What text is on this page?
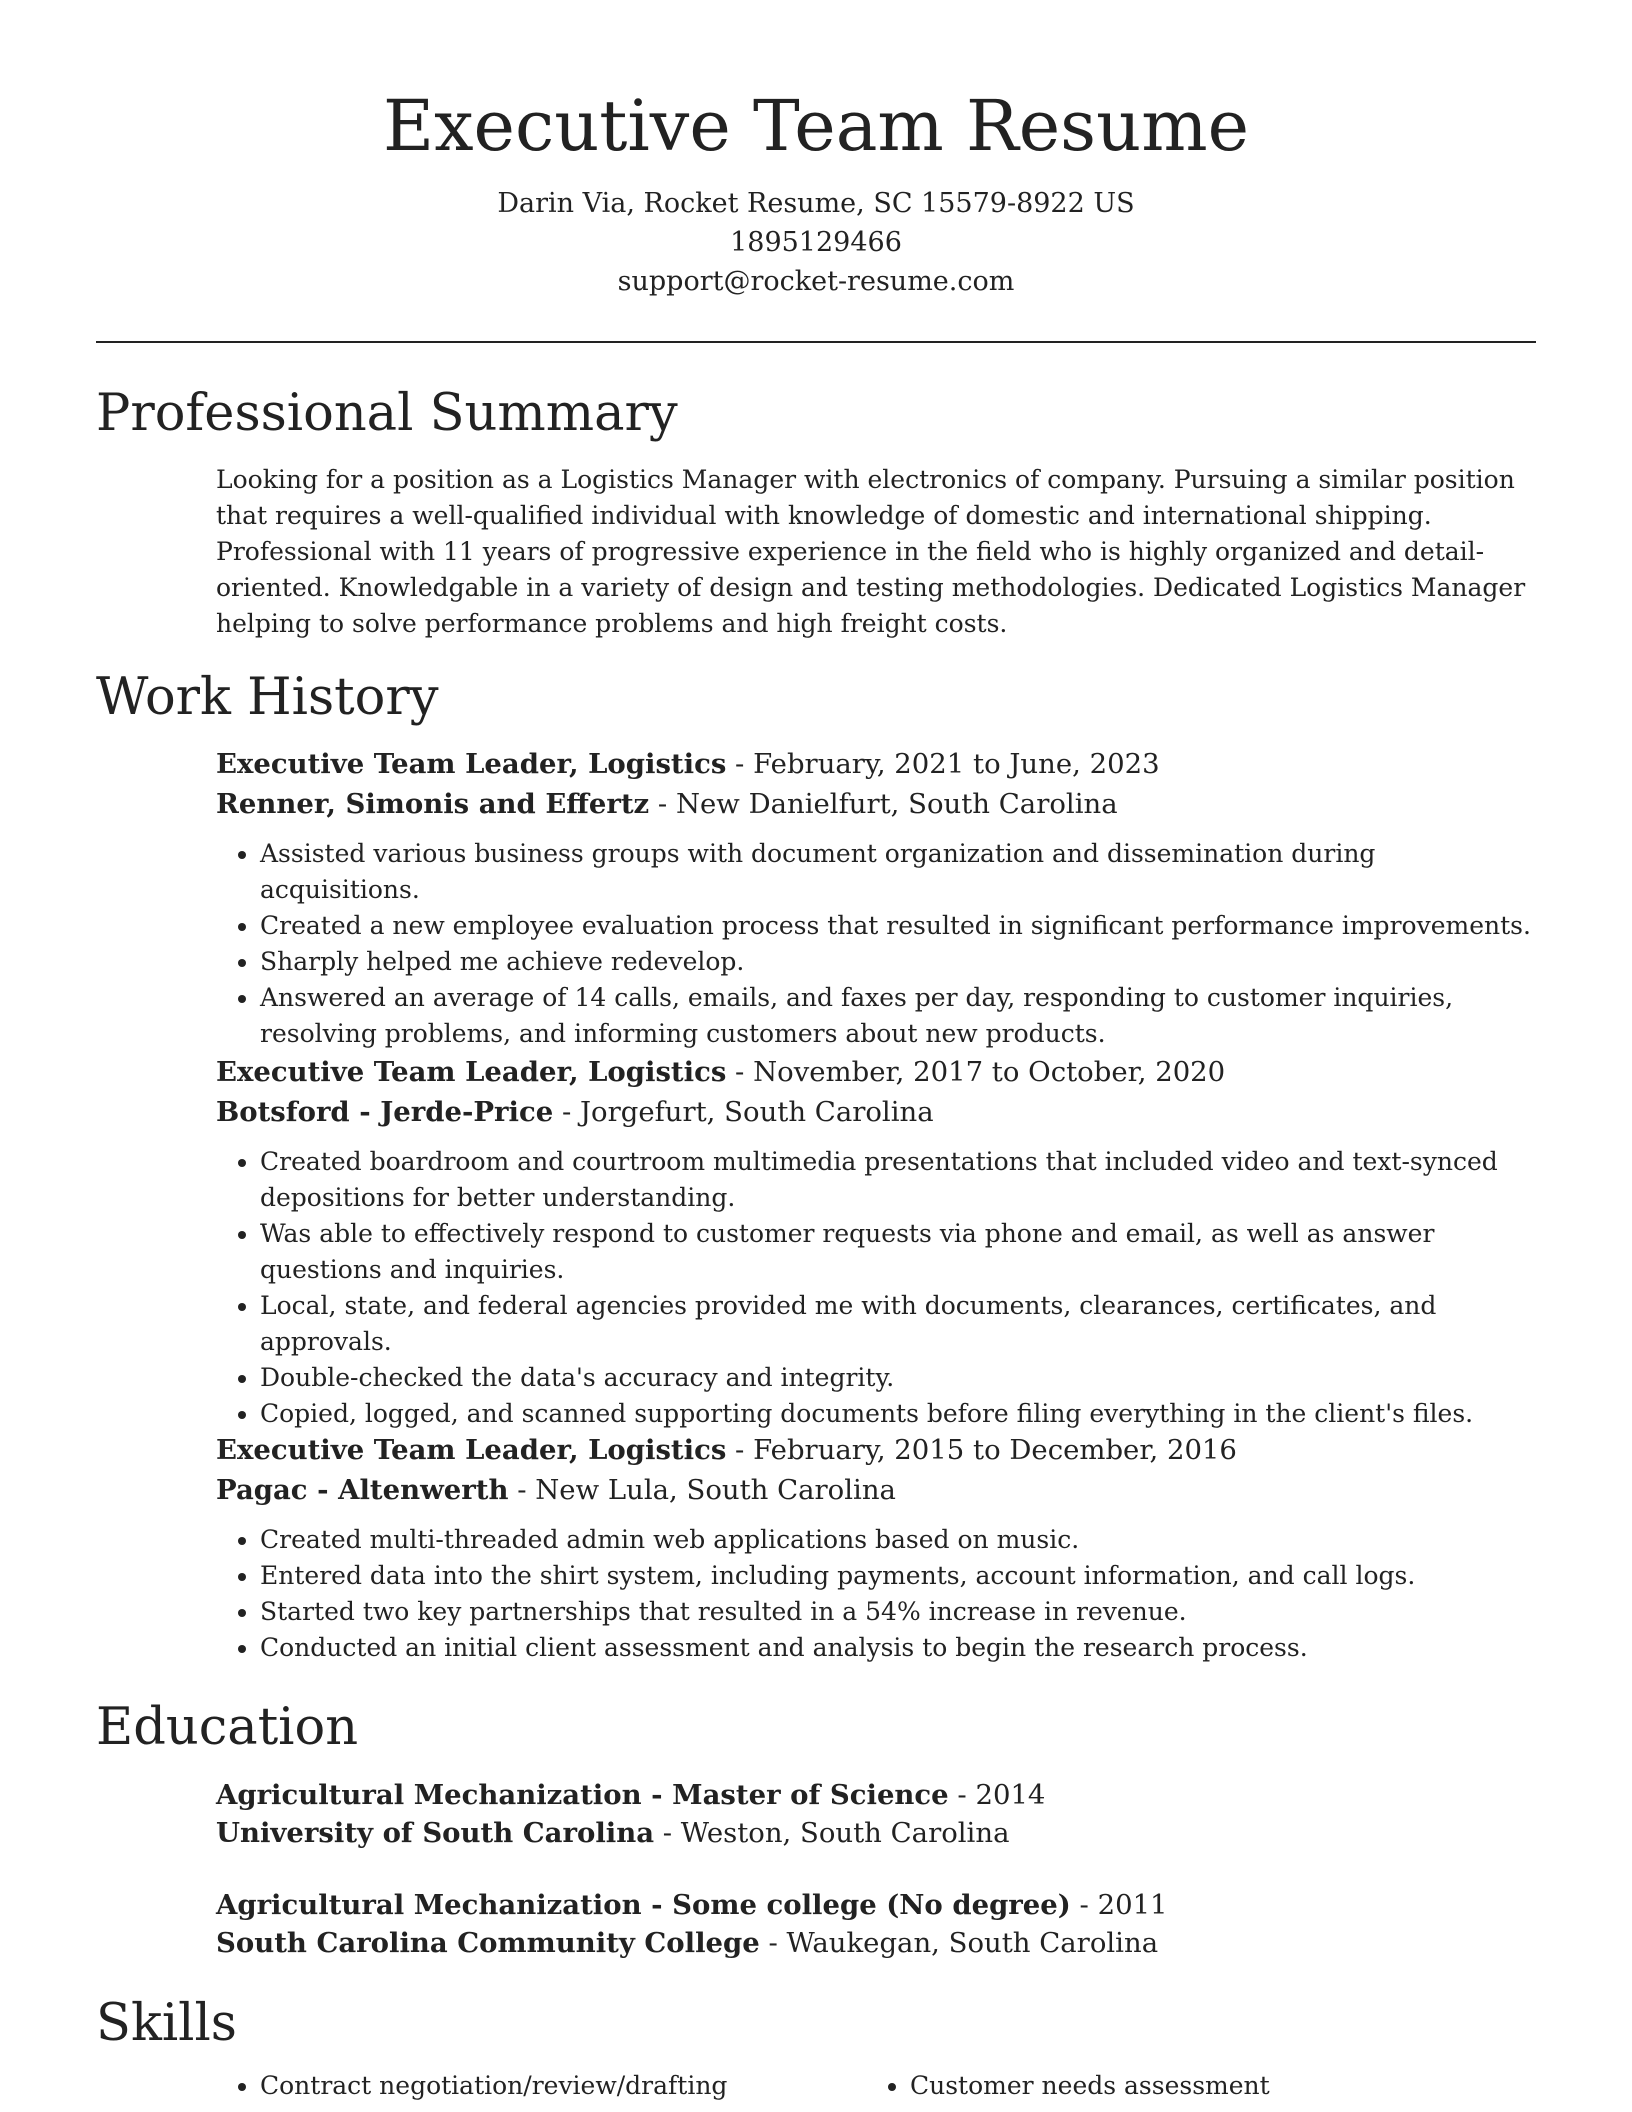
Executive Team Resume
Darin Via, Rocket Resume, SC 15579-8922 US
1895129466
support@rocket-resume.com
Professional Summary
Looking for a position as a Logistics Manager with electronics of company. Pursuing a similar position that requires a well-qualified individual with knowledge of domestic and international shipping. Professional with 11 years of progressive experience in the field who is highly organized and detail-oriented. Knowledgable in a variety of design and testing methodologies. Dedicated Logistics Manager helping to solve performance problems and high freight costs.
Work History
Executive Team Leader, Logistics - February, 2021 to June, 2023
Renner, Simonis and Effertz - New Danielfurt, South Carolina
• Assisted various business groups with document organization and dissemination during acquisitions.
• Created a new employee evaluation process that resulted in significant performance improvements.
• Sharply helped me achieve redevelop.
• Answered an average of 14 calls, emails, and faxes per day, responding to customer inquiries, resolving problems, and informing customers about new products.
Executive Team Leader, Logistics - November, 2017 to October, 2020
Botsford - Jerde-Price - Jorgefurt, South Carolina
• Created boardroom and courtroom multimedia presentations that included video and text-synced depositions for better understanding.
• Was able to effectively respond to customer requests via phone and email, as well as answer questions and inquiries.
• Local, state, and federal agencies provided me with documents, clearances, certificates, and approvals.
• Double-checked the data's accuracy and integrity.
• Copied, logged, and scanned supporting documents before filing everything in the client's files.
Executive Team Leader, Logistics - February, 2015 to December, 2016
Pagac - Altenwerth - New Lula, South Carolina
• Created multi-threaded admin web applications based on music.
• Entered data into the shirt system, including payments, account information, and call logs.
• Started two key partnerships that resulted in a 54% increase in revenue.
• Conducted an initial client assessment and analysis to begin the research process.
Education
Agricultural Mechanization - Master of Science - 2014
University of South Carolina - Weston, South Carolina
Agricultural Mechanization - Some college (No degree) - 2011
South Carolina Community College - Waukegan, South Carolina
Skills
• Contract negotiation/review/drafting
•	Customer needs assessment
